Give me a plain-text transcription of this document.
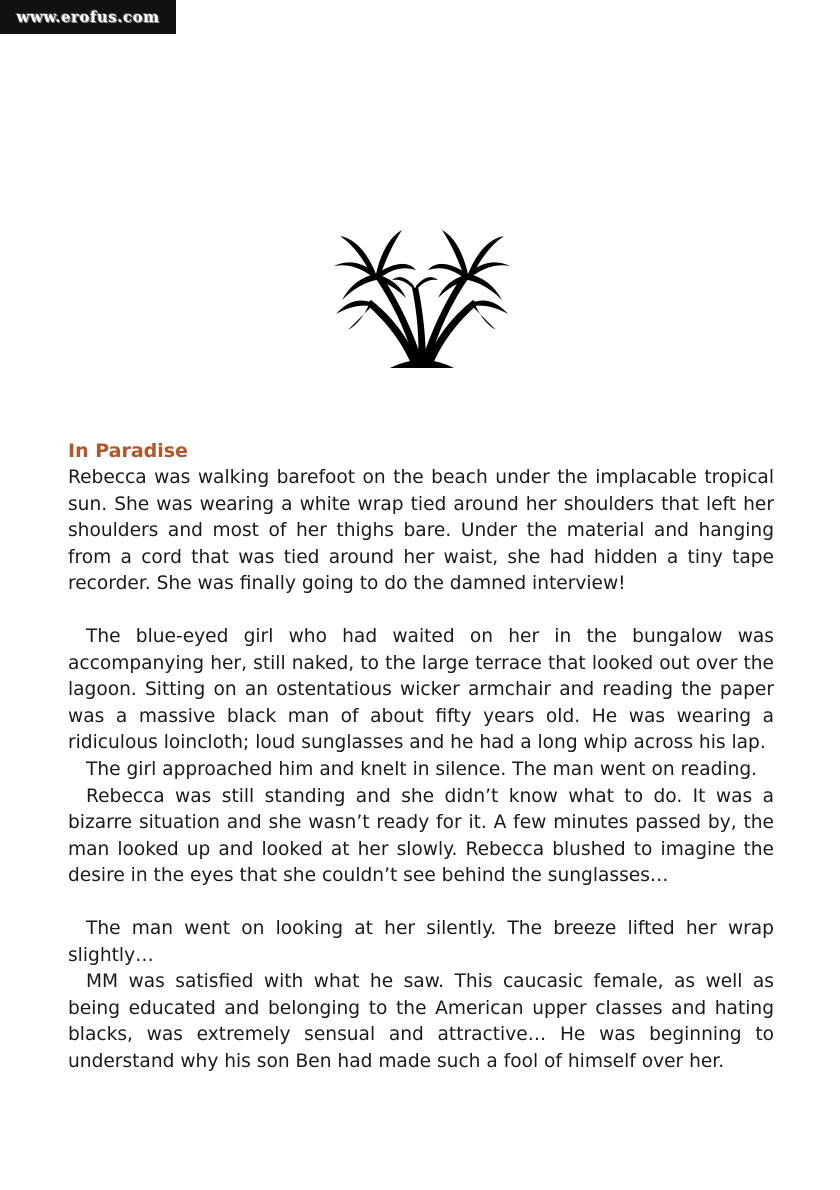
www.erofus.com
In Paradise

Rebecca was walking barefoot on the beach under the implacable tropical sun. She was wearing a white wrap tied around her shoulders that left her shoulders and most of her thighs bare. Under the material and hanging from a cord that was tied around her waist, she had hidden a tiny tape recorder. She was finally going to do the damned interview!

The blue-eyed girl who had waited on her in the bungalow was accompanying her, still naked, to the large terrace that looked out over the lagoon. Sitting on an ostentatious wicker armchair and reading the paper was a massive black man of about fifty years old. He was wearing a ridiculous loincloth; loud sunglasses and he had a long whip across his lap.

The girl approached him and knelt in silence. The man went on reading.

Rebecca was still standing and she didn’t know what to do. It was a bizarre situation and she wasn’t ready for it. A few minutes passed by, the man looked up and looked at her slowly. Rebecca blushed to imagine the desire in the eyes that she couldn’t see behind the sunglasses…

The man went on looking at her silently. The breeze lifted her wrap slightly…

MM was satisfied with what he saw. This caucasic female, as well as being educated and belonging to the American upper classes and hating blacks, was extremely sensual and attractive… He was beginning to understand why his son Ben had made such a fool of himself over her.
